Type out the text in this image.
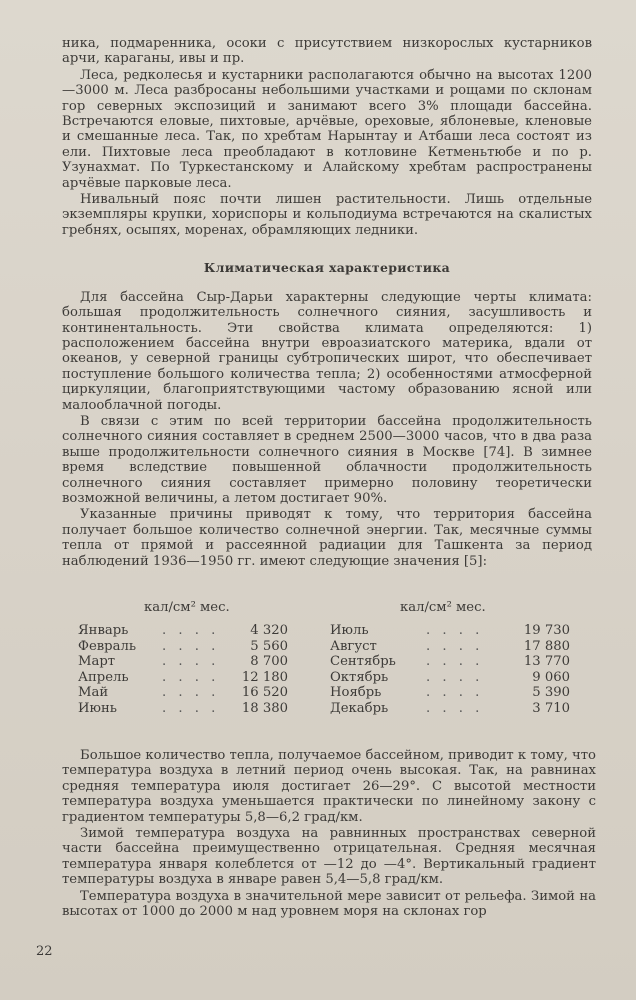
ника, подмаренника, осоки с присутствием низкорослых кустарников арчи, караганы, ивы и пр.

Леса, редколесья и кустарники располагаются обычно на высотах 1200—3000 м. Леса разбросаны небольшими участками и рощами по склонам гор северных экспозиций и занимают всего 3% площади бассейна. Встречаются еловые, пихтовые, арчёвые, ореховые, яблоневые, кленовые и смешанные леса. Так, по хребтам Нарынтау и Атбаши леса состоят из ели. Пихтовые леса преобладают в котловине Кетменьтюбе и по р. Узунахмат. По Туркестанскому и Алайскому хребтам распространены арчёвые парковые леса.

Нивальный пояс почти лишен растительности. Лишь отдельные экземпляры крупки, хориспоры и кольподиума встречаются на скалистых гребнях, осыпях, моренах, обрамляющих ледники.

Климатическая характеристика

Для бассейна Сыр-Дарьи характерны следующие черты климата: большая продолжительность солнечного сияния, засушливость и континентальность. Эти свойства климата определяются: 1) расположением бассейна внутри евроазиатского материка, вдали от океанов, у северной границы субтропических широт, что обеспечивает поступление большого количества тепла; 2) особенностями атмосферной циркуляции, благоприятствующими частому образованию ясной или малооблачной погоды.

В связи с этим по всей территории бассейна продолжительность солнечного сияния составляет в среднем 2500—3000 часов, что в два раза выше продолжительности солнечного сияния в Москве [74]. В зимнее время вследствие повышенной облачности продолжительность солнечного сияния составляет примерно половину теоретически возможной величины, а летом достигает 90%.

Указанные причины приводят к тому, что территория бассейна получает большое количество солнечной энергии. Так, месячные суммы тепла от прямой и рассеянной радиации для Ташкента за период наблюдений 1936—1950 гг. имеют следующие значения [5]:

кал/см² мес.
Январь	. . . .	4 320
Февраль	. . . .	5 560
Март	. . . .	8 700
Апрель	. . . .	12 180
Май	. . . .	16 520
Июнь	. . . .	18 380
кал/см² мес.
Июль	. . . .	19 730
Август	. . . .	17 880
Сентябрь	. . . .	13 770
Октябрь	. . . .	9 060
Ноябрь	. . . .	5 390
Декабрь	. . . .	3 710

Большое количество тепла, получаемое бассейном, приводит к тому, что температура воздуха в летний период очень высокая. Так, на равнинах средняя температура июля достигает 26—29°. С высотой местности температура воздуха уменьшается практически по линейному закону с градиентом температуры 5,8—6,2 град/км.

Зимой температура воздуха на равнинных пространствах северной части бассейна преимущественно отрицательная. Средняя месячная температура января колеблется от —12 до —4°. Вертикальный градиент температуры воздуха в январе равен 5,4—5,8 град/км.

Температура воздуха в значительной мере зависит от рельефа. Зимой на высотах от 1000 до 2000 м над уровнем моря на склонах гор

22
